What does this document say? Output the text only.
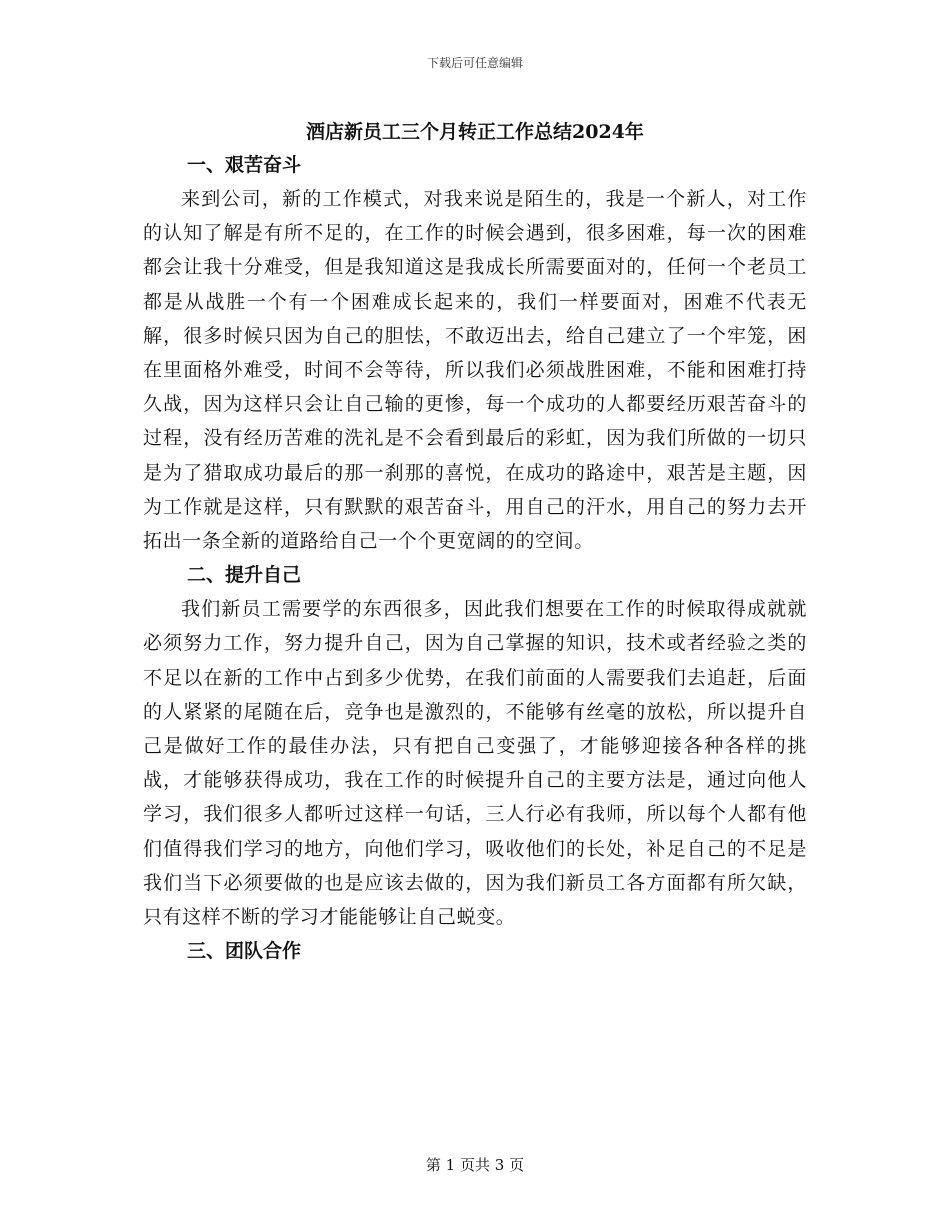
下载后可任意编辑
酒店新员工三个月转正工作总结2024年
一、艰苦奋斗

来到公司，新的工作模式，对我来说是陌生的，我是一个新人，对工作的认知了解是有所不足的，在工作的时候会遇到，很多困难，每一次的困难都会让我十分难受，但是我知道这是我成长所需要面对的，任何一个老员工都是从战胜一个有一个困难成长起来的，我们一样要面对，困难不代表无解，很多时候只因为自己的胆怯，不敢迈出去，给自己建立了一个牢笼，困在里面格外难受，时间不会等待，所以我们必须战胜困难，不能和困难打持久战，因为这样只会让自己输的更惨，每一个成功的人都要经历艰苦奋斗的过程，没有经历苦难的洗礼是不会看到最后的彩虹，因为我们所做的一切只是为了猎取成功最后的那一刹那的喜悦，在成功的路途中，艰苦是主题，因为工作就是这样，只有默默的艰苦奋斗，用自己的汗水，用自己的努力去开拓出一条全新的道路给自己一个个更宽阔的的空间。

二、提升自己

我们新员工需要学的东西很多，因此我们想要在工作的时候取得成就就必须努力工作，努力提升自己，因为自己掌握的知识，技术或者经验之类的不足以在新的工作中占到多少优势，在我们前面的人需要我们去追赶，后面的人紧紧的尾随在后，竞争也是激烈的，不能够有丝毫的放松，所以提升自己是做好工作的最佳办法，只有把自己变强了，才能够迎接各种各样的挑战，才能够获得成功，我在工作的时候提升自己的主要方法是，通过向他人学习，我们很多人都听过这样一句话，三人行必有我师，所以每个人都有他们值得我们学习的地方，向他们学习，吸收他们的长处，补足自己的不足是我们当下必须要做的也是应该去做的，因为我们新员工各方面都有所欠缺，只有这样不断的学习才能能够让自己蜕变。

三、团队合作
第 1 页共 3 页
